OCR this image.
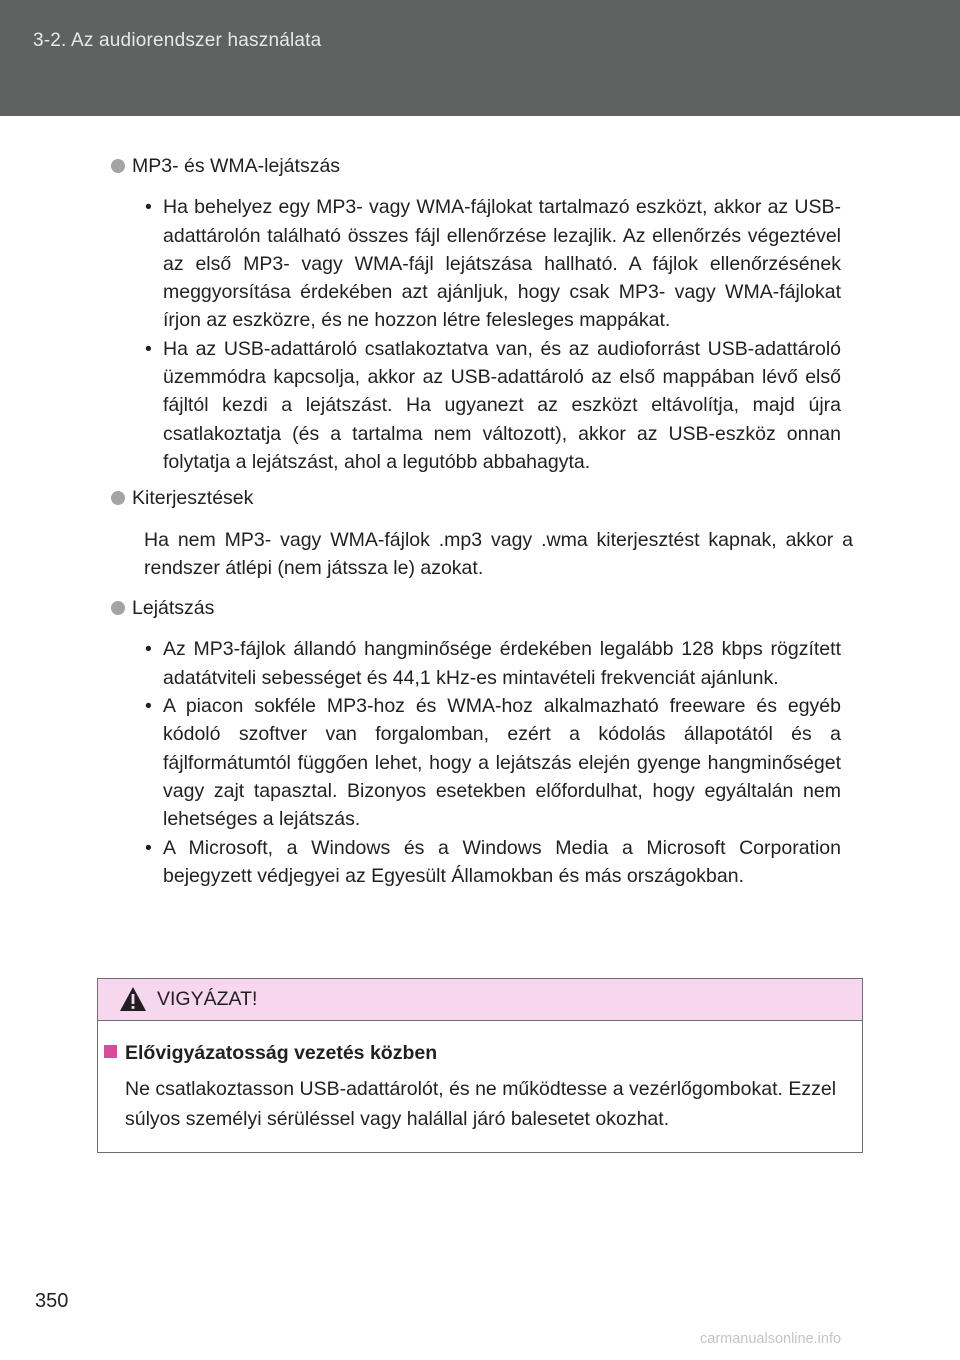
3-2. Az audiorendszer használata
MP3- és WMA-lejátszás
• Ha behelyez egy MP3- vagy WMA-fájlokat tartalmazó eszközt, akkor az USB-adattárolón található összes fájl ellenőrzése lezajlik. Az ellenőrzés végeztével az első MP3- vagy WMA-fájl lejátszása hallható. A fájlok ellenőrzésének meggyorsítása érdekében azt ajánljuk, hogy csak MP3- vagy WMA-fájlokat írjon az eszközre, és ne hozzon létre felesleges mappákat.
• Ha az USB-adattároló csatlakoztatva van, és az audioforrást USB-adattároló üzemmódra kapcsolja, akkor az USB-adattároló az első mappában lévő első fájltól kezdi a lejátszást. Ha ugyanezt az eszközt eltávolítja, majd újra csatlakoztatja (és a tartalma nem változott), akkor az USB-eszköz onnan folytatja a lejátszást, ahol a legutóbb abbahagyta.
Kiterjesztések
Ha nem MP3- vagy WMA-fájlok .mp3 vagy .wma kiterjesztést kapnak, akkor a rendszer átlépi (nem játssza le) azokat.
Lejátszás
• Az MP3-fájlok állandó hangminősége érdekében legalább 128 kbps rögzített adatátviteli sebességet és 44,1 kHz-es mintavételi frekvenciát ajánlunk.
• A piacon sokféle MP3-hoz és WMA-hoz alkalmazható freeware és egyéb kódoló szoftver van forgalomban, ezért a kódolás állapotától és a fájlformátumtól függően lehet, hogy a lejátszás elején gyenge hangminőséget vagy zajt tapasztal. Bizonyos esetekben előfordulhat, hogy egyáltalán nem lehetséges a lejátszás.
• A Microsoft, a Windows és a Windows Media a Microsoft Corporation bejegyzett védjegyei az Egyesült Államokban és más országokban.
VIGYÁZAT!
Elővigyázatosság vezetés közben
Ne csatlakoztasson USB-adattárolót, és ne működtesse a vezérlőgombokat. Ezzel súlyos személyi sérüléssel vagy halállal járó balesetet okozhat.
350
carmanualsonline.info
